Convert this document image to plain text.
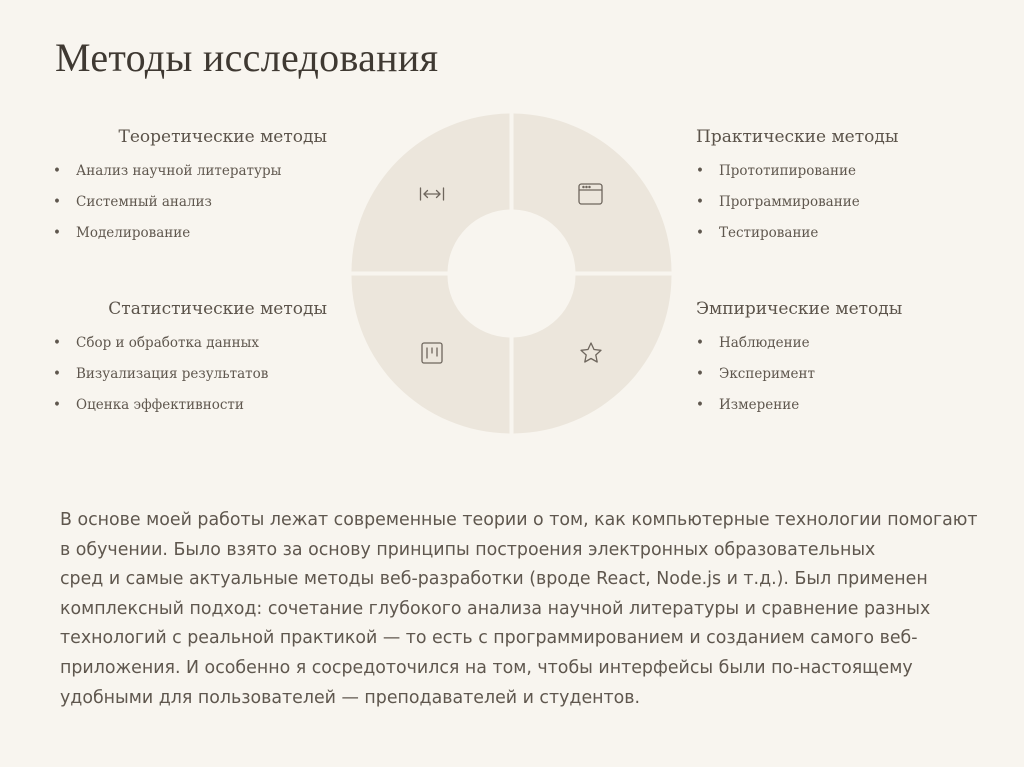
Методы исследования
Теоретические методы
• Анализ научной литературы
• Системный анализ
• Моделирование
Статистические методы
• Сбор и обработка данных
• Визуализация результатов
• Оценка эффективности
Практические методы
• Прототипирование
• Программирование
• Тестирование
Эмпирические методы
• Наблюдение
• Эксперимент
• Измерение

В основе моей работы лежат современные теории о том, как компьютерные технологии помогают
в обучении. Было взято за основу принципы построения электронных образовательных
сред и самые актуальные методы веб-разработки (вроде React, Node.js и т.д.). Был применен
комплексный подход: сочетание глубокого анализа научной литературы и сравнение разных
технологий с реальной практикой — то есть с программированием и созданием самого веб-
приложения. И особенно я сосредоточился на том, чтобы интерфейсы были по-настоящему
удобными для пользователей — преподавателей и студентов.
